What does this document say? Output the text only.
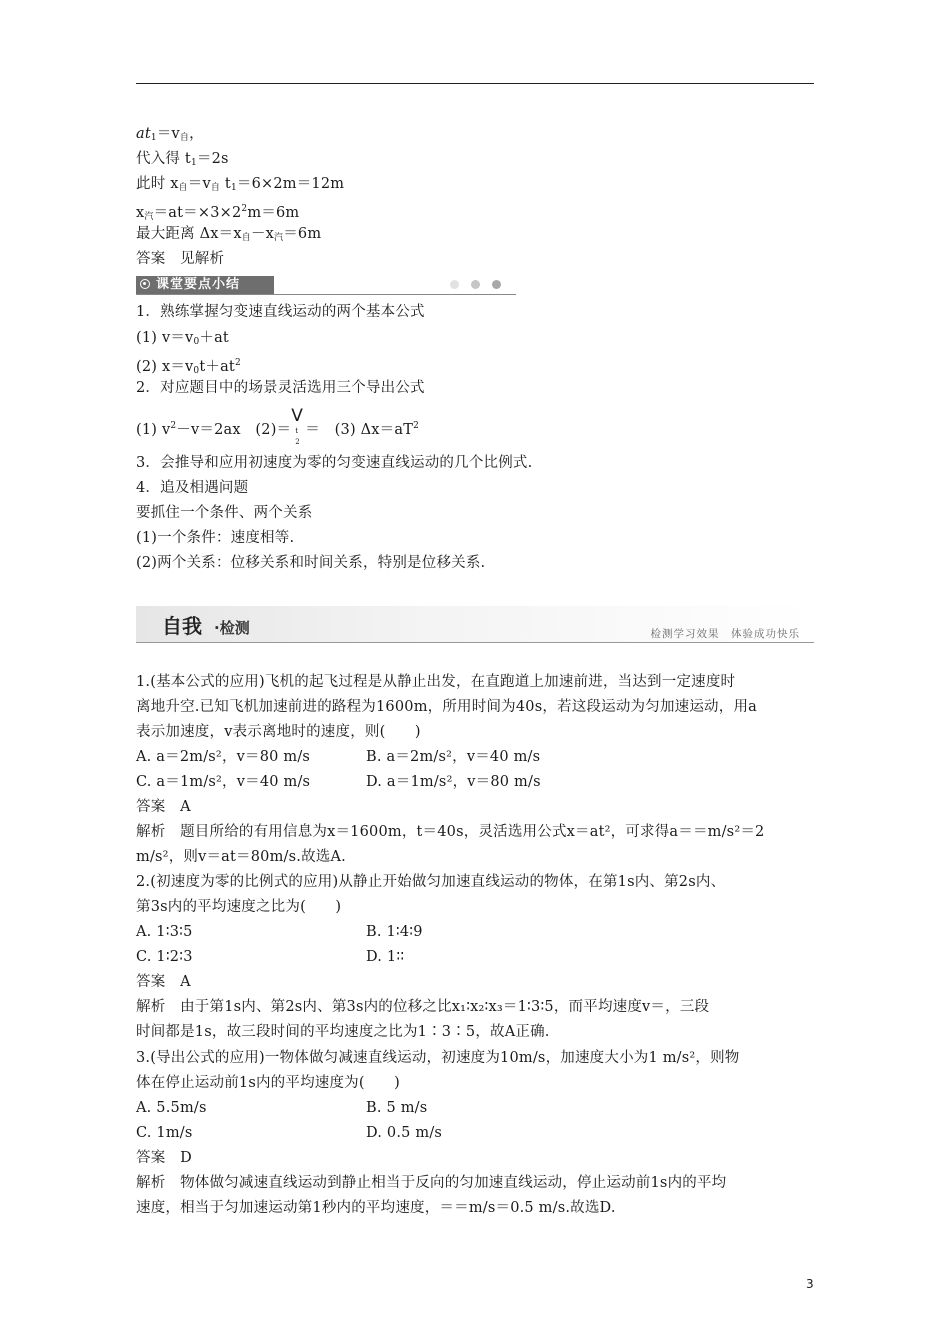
$at_1=v_自$，
代入得 $t_1=2s$
此时 $x_自=v_自$ $t_1=6\times 2m=12m$
$x_汽=at=\times 3\times 2^2m=6m$
最大距离 $\Delta x=x_自-x_汽=6m$
答案　见解析
课堂要点小结
1．熟练掌握匀变速直线运动的两个基本公式
(1) $v=v_0+at$
(2) $x=v_0t+at^2$
2．对应题目中的场景灵活选用三个导出公式
(1) $v^2-v=2ax$　(2)＝
V
t
2
＝　(3) $\Delta x=aT^2$
3．会推导和应用初速度为零的匀变速直线运动的几个比例式.
4．追及相遇问题
要抓住一个条件、两个关系
(1)一个条件：速度相等.
(2)两个关系：位移关系和时间关系，特别是位移关系.
自我 ·检测	检测学习效果　体验成功快乐
1.(基本公式的应用)飞机的起飞过程是从静止出发，在直跑道上加速前进，当达到一定速度时
离地升空.已知飞机加速前进的路程为1600m，所用时间为40s，若这段运动为匀加速运动，用a
表示加速度，v表示离地时的速度，则(　　)
A. a＝2m/s²，v＝80 m/s	B. a＝2m/s²，v＝40 m/s
C. a＝1m/s²，v＝40 m/s	D. a＝1m/s²，v＝80 m/s
答案　A
解析　题目所给的有用信息为x＝1600m，t＝40s，灵活选用公式x＝at²，可求得a＝＝m/s²＝2
m/s²，则v＝at＝80m/s.故选A.
2.(初速度为零的比例式的应用)从静止开始做匀加速直线运动的物体，在第1s内、第2s内、
第3s内的平均速度之比为(　　)
A. 1∶3∶5	B. 1∶4∶9
C. 1∶2∶3	D. 1∶∶
答案　A
解析　由于第1s内、第2s内、第3s内的位移之比x₁∶x₂∶x₃＝1∶3∶5，而平均速度v＝，三段
时间都是1s，故三段时间的平均速度之比为1∶3∶5，故A正确.
3.(导出公式的应用)一物体做匀减速直线运动，初速度为10m/s，加速度大小为1 m/s²，则物
体在停止运动前1s内的平均速度为(　　)
A. 5.5m/s	B. 5 m/s
C. 1m/s	D. 0.5 m/s
答案　D
解析　物体做匀减速直线运动到静止相当于反向的匀加速直线运动，停止运动前1s内的平均
速度，相当于匀加速运动第1秒内的平均速度，＝＝m/s＝0.5 m/s.故选D.
3
